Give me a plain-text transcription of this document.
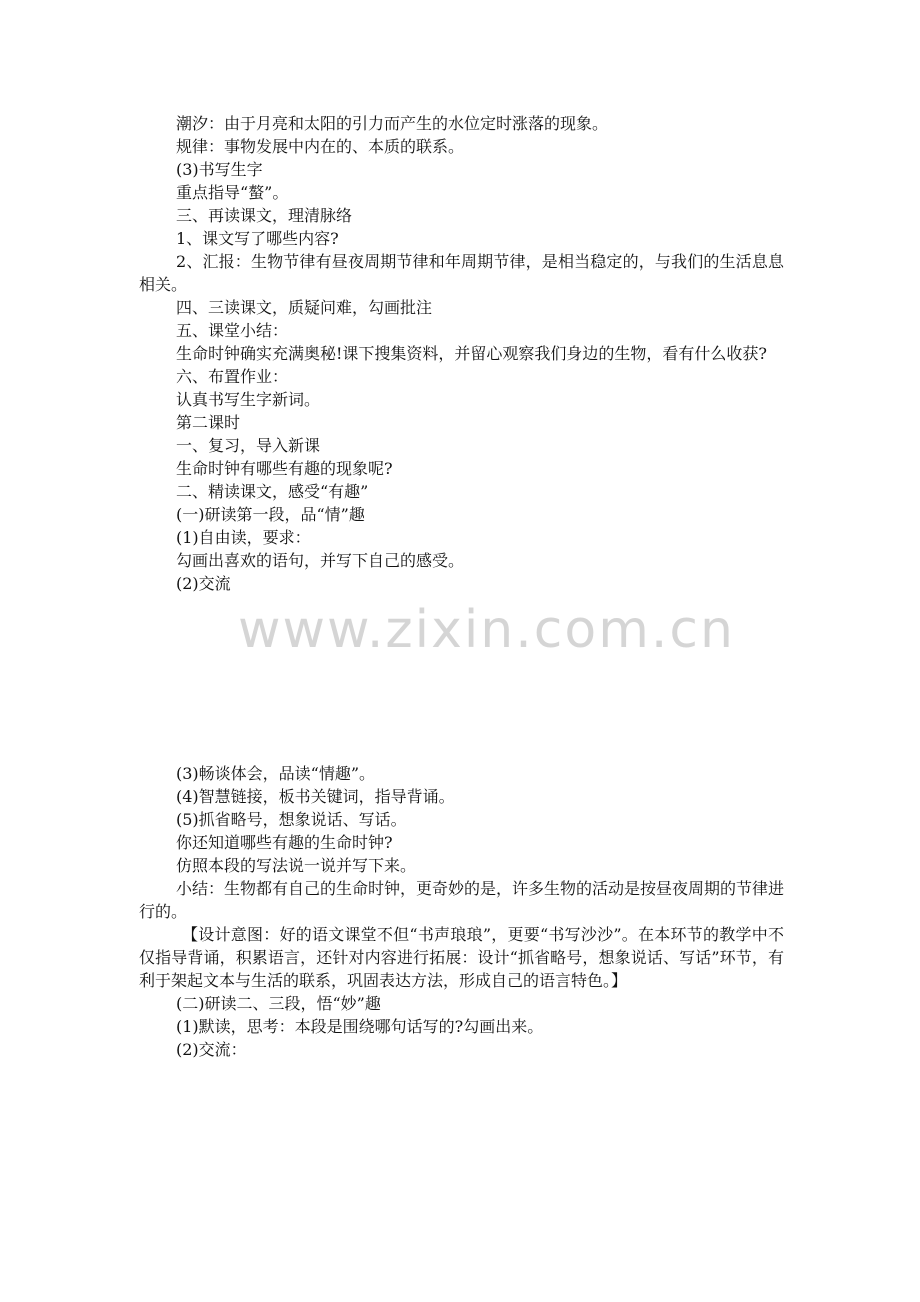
潮汐：由于月亮和太阳的引力而产生的水位定时涨落的现象。

规律：事物发展中内在的、本质的联系。

(3)书写生字

重点指导“螯”。

三、再读课文，理清脉络

1、课文写了哪些内容?

2、汇报：生物节律有昼夜周期节律和年周期节律，是相当稳定的，与我们的生活息息相关。

四、三读课文，质疑问难，勾画批注

五、课堂小结：

生命时钟确实充满奥秘!课下搜集资料，并留心观察我们身边的生物，看有什么收获?

六、布置作业：

认真书写生字新词。

第二课时

一、复习，导入新课

生命时钟有哪些有趣的现象呢?

二、精读课文，感受“有趣”

(一)研读第一段，品“情”趣

(1)自由读，要求：

勾画出喜欢的语句，并写下自己的感受。

(2)交流

www.zixin.com.cn

(3)畅谈体会，品读“情趣”。

(4)智慧链接，板书关键词，指导背诵。

(5)抓省略号，想象说话、写话。

你还知道哪些有趣的生命时钟?

仿照本段的写法说一说并写下来。

小结：生物都有自己的生命时钟，更奇妙的是，许多生物的活动是按昼夜周期的节律进行的。

【设计意图：好的语文课堂不但“书声琅琅”，更要“书写沙沙”。在本环节的教学中不仅指导背诵，积累语言，还针对内容进行拓展：设计“抓省略号，想象说话、写话”环节，有利于架起文本与生活的联系，巩固表达方法，形成自己的语言特色。】

(二)研读二、三段，悟“妙”趣

(1)默读，思考：本段是围绕哪句话写的?勾画出来。

(2)交流：
